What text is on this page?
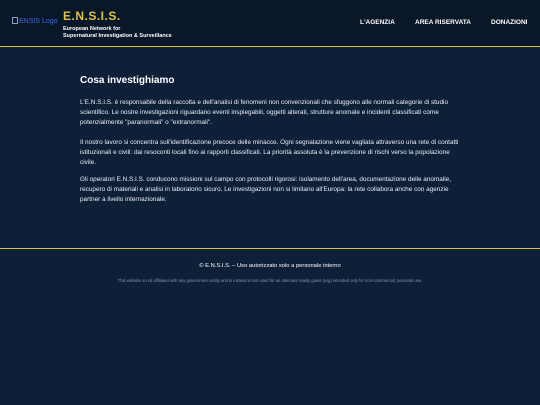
ENSIS Logo E.N.S.I.S.
European Network for
Supernatural Investigation & Surveillance
L'AGENZIA	AREA RISERVATA	DONAZIONI
Cosa investighiamo

L'E.N.S.I.S. è responsabile della raccolta e dell'analisi di fenomeni non convenzionali che sfuggono alle normali categorie di studio scientifico. Le nostre investigazioni riguardano eventi inspiegabili, oggetti alterati, strutture anomale e incidenti classificati come potenzialmente "paranormali" o "extranormali".

Il nostro lavoro si concentra sull'identificazione precoce delle minacce. Ogni segnalazione viene vagliata attraverso una rete di contatti istituzionali e civili: dai resoconti locali fino ai rapporti classificati. La priorità assoluta è la prevenzione di rischi verso la popolazione civile.

Gli operatori E.N.S.I.S. conducono missioni sul campo con protocolli rigorosi: isolamento dell'area, documentazione delle anomalie, recupero di materiali e analisi in laboratorio sicuro. Le investigazioni non si limitano all'Europa: la rete collabora anche con agenzie partner a livello internazionale.

© E.N.S.I.S. – Uso autorizzato solo a personale interno
This website is not affiliated with any government entity and is instead a tool used for an alternate reality game (arg) intended only for non-commercial, personal use.
